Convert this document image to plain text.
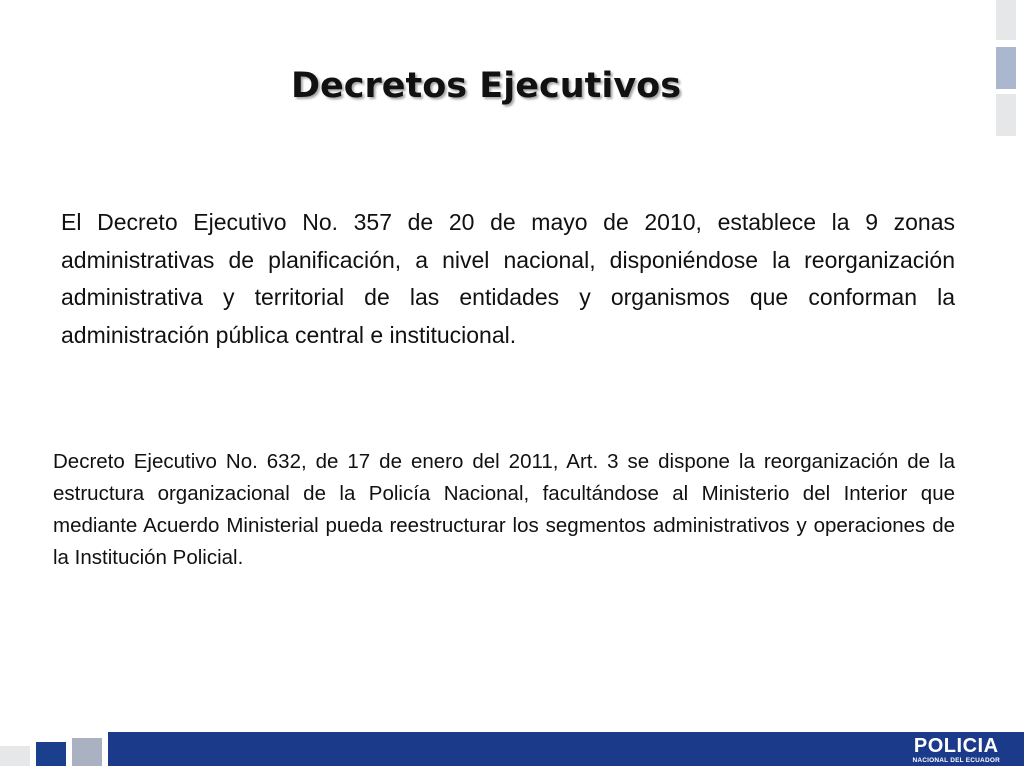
Decretos Ejecutivos

El Decreto Ejecutivo No. 357 de 20 de mayo de 2010, establece la 9 zonas administrativas de planificación, a nivel nacional, disponiéndose la reorganización administrativa y territorial de las entidades y organismos que conforman la administración pública central e institucional.

Decreto Ejecutivo No. 632, de 17 de enero del 2011, Art. 3 se dispone la reorganización de la estructura organizacional de la Policía Nacional, facultándose al Ministerio del Interior que mediante Acuerdo Ministerial pueda reestructurar los segmentos administrativos y operaciones de la Institución Policial.

POLICIA
NACIONAL DEL ECUADOR
